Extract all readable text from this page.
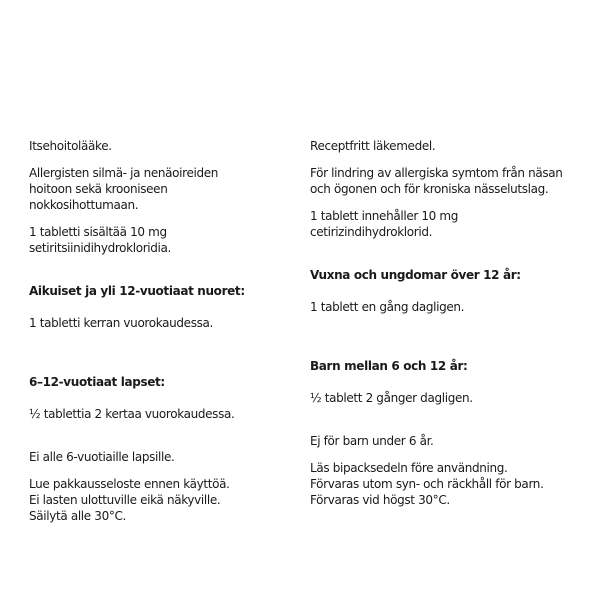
Itsehoitolääke.

Allergisten silmä- ja nenäoireiden
hoitoon sekä krooniseen
nokkosihottumaan.

1 tabletti sisältää 10 mg
setiritsiinidihydrokloridia.

Aikuiset ja yli 12-vuotiaat nuoret:

1 tabletti kerran vuorokaudessa.

6–12-vuotiaat lapset:

½ tablettia 2 kertaa vuorokaudessa.

Ei alle 6-vuotiaille lapsille.

Lue pakkausseloste ennen käyttöä.
Ei lasten ulottuville eikä näkyville.
Säilytä alle 30°C.

Receptfritt läkemedel.

För lindring av allergiska symtom från näsan
och ögonen och för kroniska nässelutslag.

1 tablett innehåller 10 mg
cetirizindihydroklorid.

Vuxna och ungdomar över 12 år:

1 tablett en gång dagligen.

Barn mellan 6 och 12 år:

½ tablett 2 gånger dagligen.

Ej för barn under 6 år.

Läs bipacksedeln före användning.
Förvaras utom syn- och räckhåll för barn.
Förvaras vid högst 30°C.
